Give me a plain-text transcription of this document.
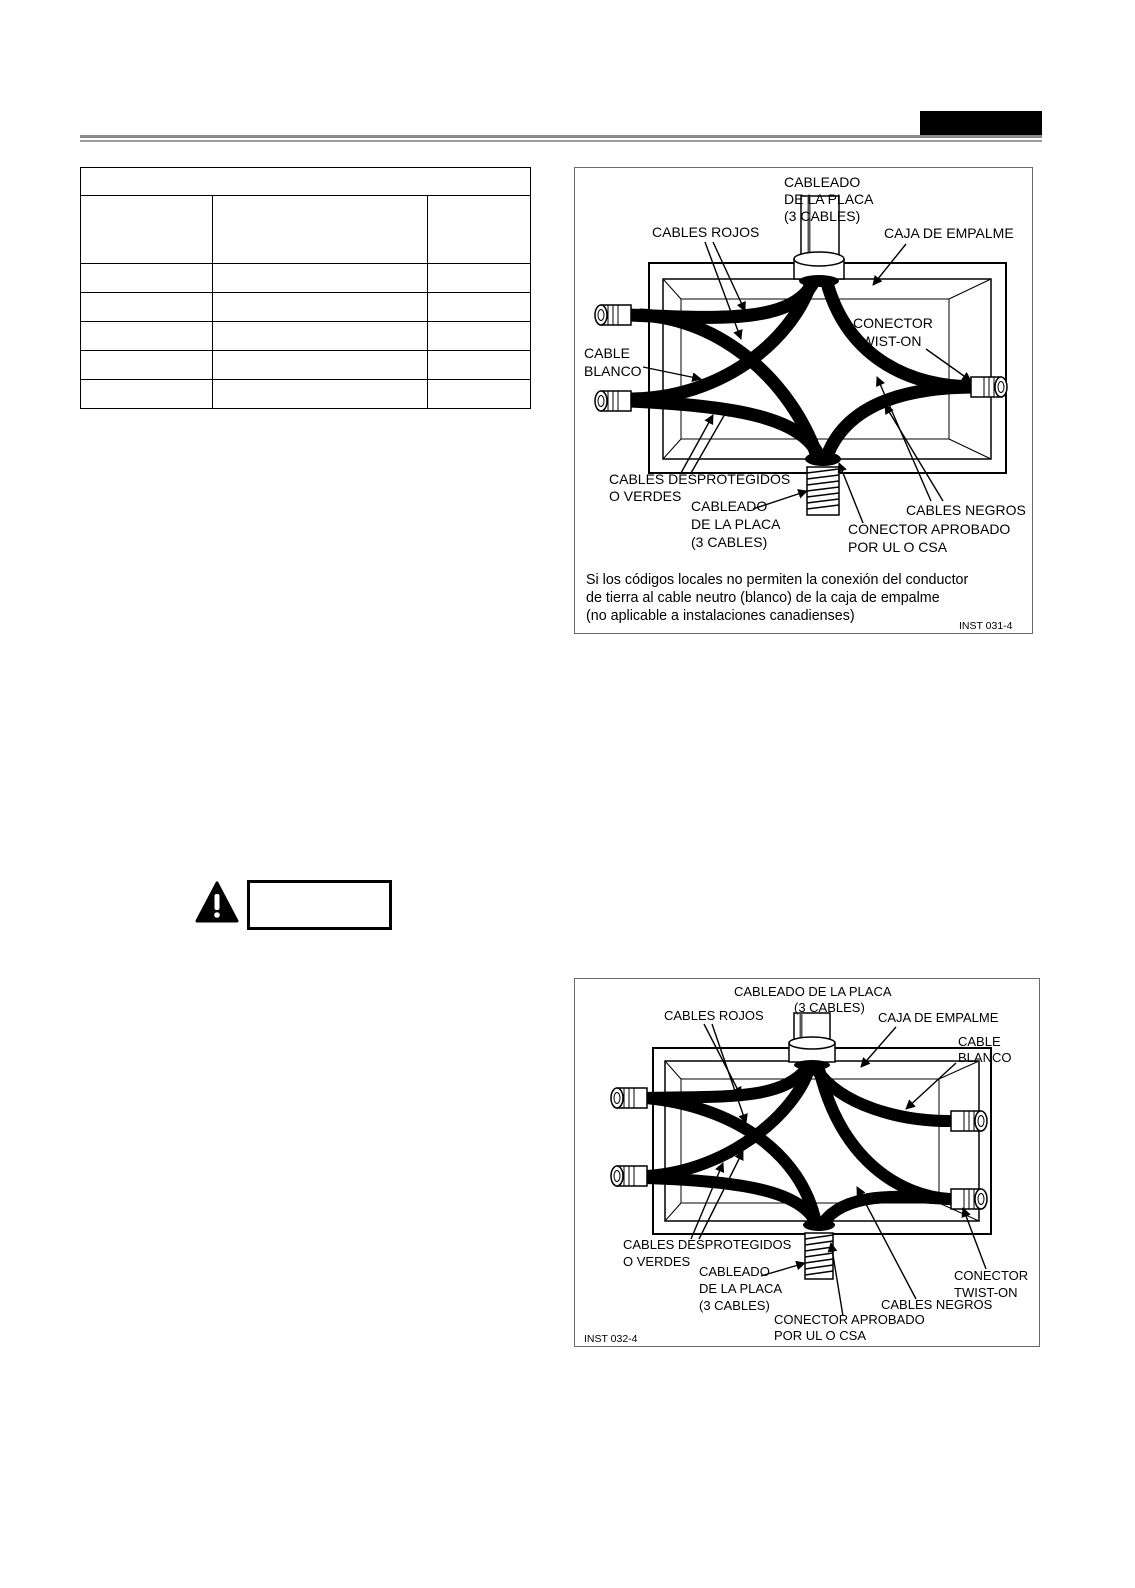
CABLEADO
DE LA PLACA
(3 CABLES)
CABLES ROJOS	CAJA DE EMPALME
CONECTOR
TWIST-ON
CABLE
BLANCO
CABLES DESPROTEGIDOS
O VERDES
CABLEADO
DE LA PLACA
(3 CABLES)
CABLES NEGROS
CONECTOR APROBADO
POR UL O CSA
Si los códigos locales no permiten la conexión del conductor
de tierra al cable neutro (blanco) de la caja de empalme
(no aplicable a instalaciones canadienses)
INST 031-4
CABLEADO DE LA PLACA
(3 CABLES)
CABLES ROJOS	CAJA DE EMPALME
CABLE
BLANCO
CABLES DESPROTEGIDOS
O VERDES
CABLEADO
DE LA PLACA
(3 CABLES)
CONECTOR
TWIST-ON
CABLES NEGROS
CONECTOR APROBADO
POR UL O CSA
INST 032-4
